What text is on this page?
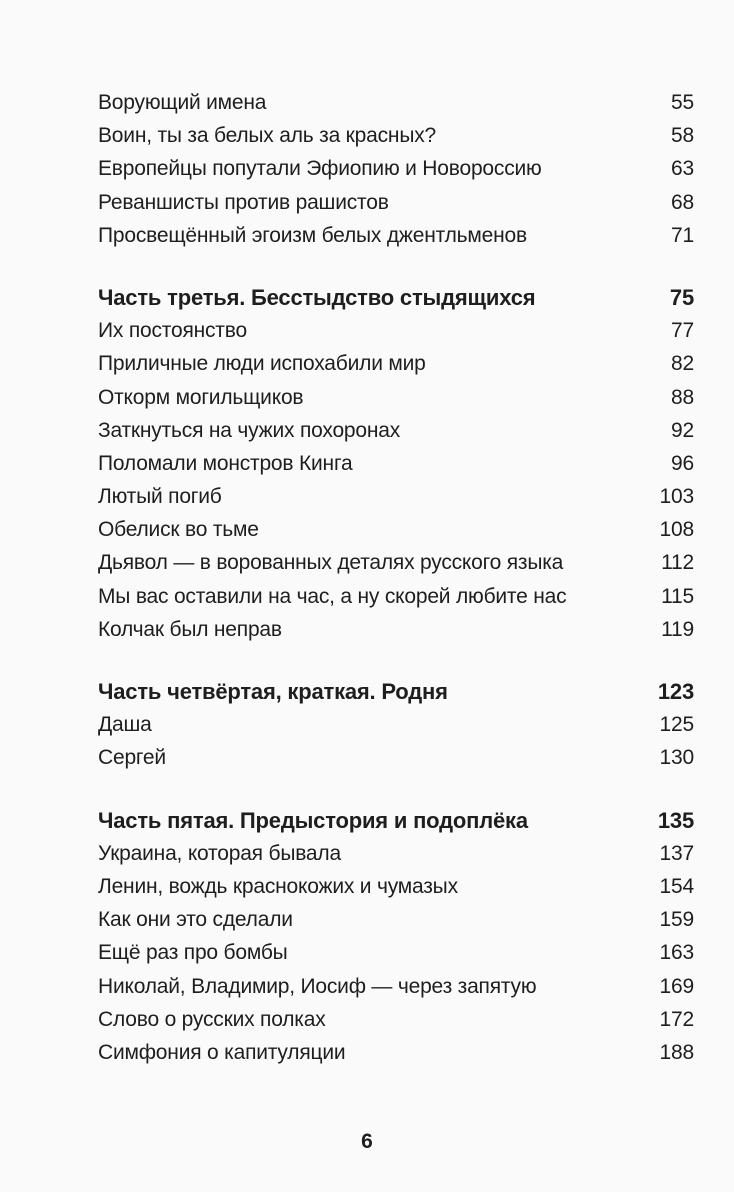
Ворующий имена	55
Воин, ты за белых аль за красных?	58
Европейцы попутали Эфиопию и Новороссию	63
Реваншисты против рашистов	68
Просвещённый эгоизм белых джентльменов	71
Часть третья. Бесстыдство стыдящихся	75
Их постоянство	77
Приличные люди испохабили мир	82
Откорм могильщиков	88
Заткнуться на чужих похоронах	92
Поломали монстров Кинга	96
Лютый погиб	103
Обелиск во тьме	108
Дьявол — в ворованных деталях русского языка	112
Мы вас оставили на час, а ну скорей любите нас	115
Колчак был неправ	119
Часть четвёртая, краткая. Родня	123
Даша	125
Сергей	130
Часть пятая. Предыстория и подоплёка	135
Украина, которая бывала	137
Ленин, вождь краснокожих и чумазых	154
Как они это сделали	159
Ещё раз про бомбы	163
Николай, Владимир, Иосиф — через запятую	169
Слово о русских полках	172
Симфония о капитуляции	188
6
